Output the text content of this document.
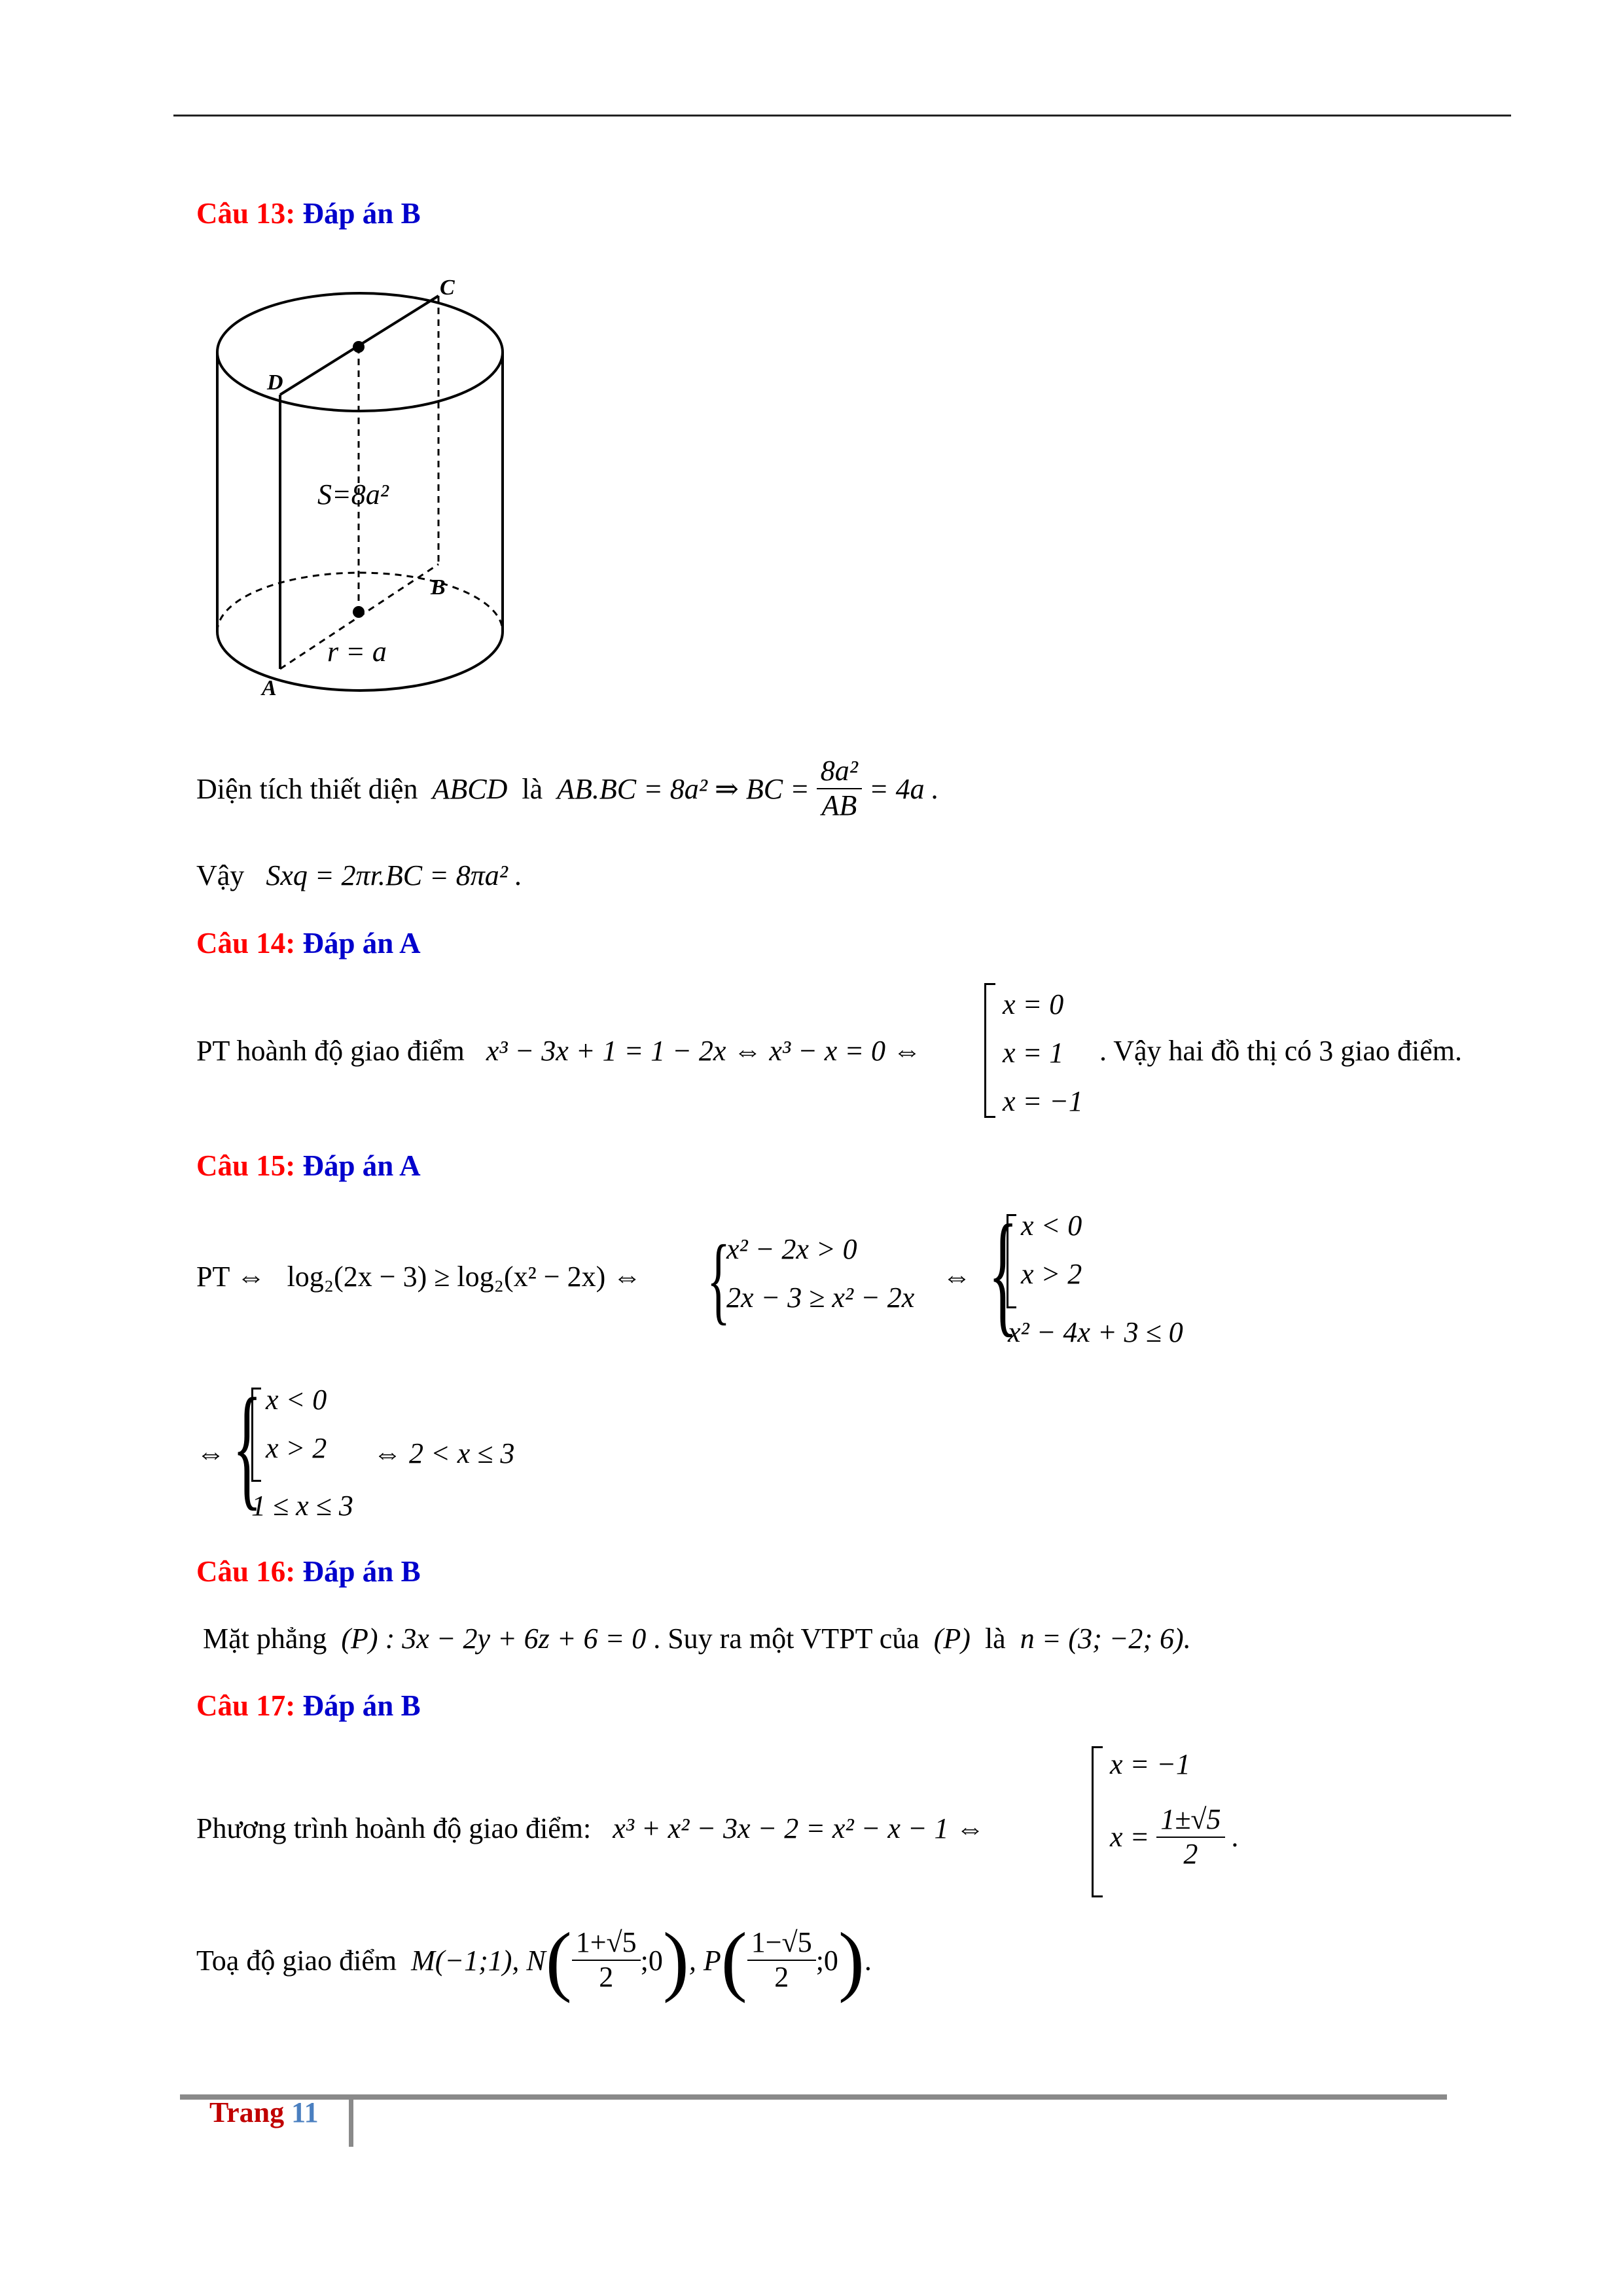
Câu 13: Đáp án B
C
D
B
A
S=8a²
r = a
Diện tích thiết diện
ABCD
là
AB.BC = 8a² ⇒ BC =
$\frac{\text{8a²}}{AB}$
= 4a .
Vậy Sxq = 2πr.BC = 8πa² .
Câu 14: Đáp án A
PT hoành độ giao điểm x³ − 3x + 1 = 1 − 2x ⇔ x³ − x = 0 ⇔
x = 0
x = 1
x = −1
. Vậy hai đồ thị có 3 giao điểm.
Câu 15: Đáp án A
PT ⇔ log₂(2x − 3) ≥ log₂(x² − 2x) ⇔ {
x² − 2x > 0
2x − 3 ≥ x² − 2x
⇔ { x < 0
x > 2
x² − 4x + 3 ≤ 0
⇔ { x < 0
x > 2
1 ≤ x ≤ 3
⇔ 2 < x ≤ 3
Câu 16: Đáp án B
Mặt phẳng (P) : 3x − 2y + 6z + 6 = 0 . Suy ra một VTPT của (P) là n = (3; −2; 6).
Câu 17: Đáp án B
Phương trình hoành độ giao điểm: x³ + x² − 3x − 2 = x² − x − 1 ⇔
x = −1
x =
$\frac{1\pm√5}{2}$ .
Toạ độ giao điểm
M(−1;1), N ( $\frac{1+√5}{2}$ ;0 ) , P ( $\frac{1-√5}{2}$ ;0 ) .
Trang 11
